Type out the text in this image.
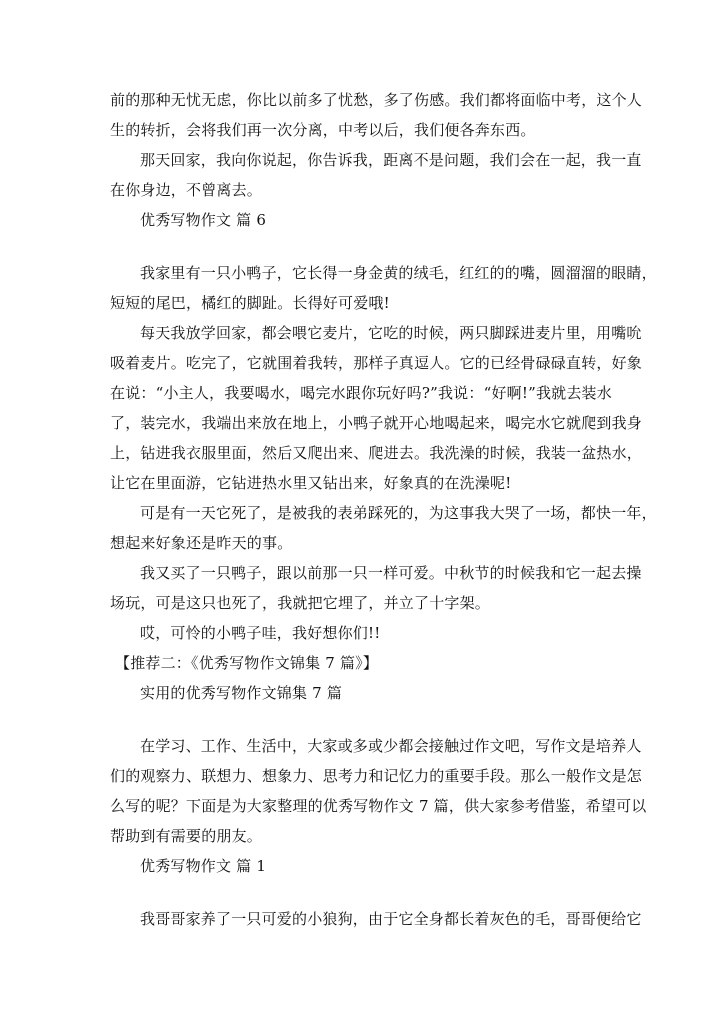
前的那种无忧无虑，你比以前多了忧愁，多了伤感。我们都将面临中考，这个人
生的转折，会将我们再一次分离，中考以后，我们便各奔东西。
那天回家，我向你说起，你告诉我，距离不是问题，我们会在一起，我一直
在你身边，不曾离去。
优秀写物作文 篇 6
我家里有一只小鸭子，它长得一身金黄的绒毛，红红的的嘴，圆溜溜的眼睛，
短短的尾巴，橘红的脚趾。长得好可爱哦!
每天我放学回家，都会喂它麦片，它吃的时候，两只脚踩进麦片里，用嘴吮
吸着麦片。吃完了，它就围着我转，那样子真逗人。它的已经骨碌碌直转，好象
在说：“小主人，我要喝水，喝完水跟你玩好吗?”我说：“好啊!”我就去装水
了，装完水，我端出来放在地上，小鸭子就开心地喝起来，喝完水它就爬到我身
上，钻进我衣服里面，然后又爬出来、爬进去。我洗澡的时候，我装一盆热水，
让它在里面游，它钻进热水里又钻出来，好象真的在洗澡呢!
可是有一天它死了，是被我的表弟踩死的，为这事我大哭了一场，都快一年，
想起来好象还是昨天的事。
我又买了一只鸭子，跟以前那一只一样可爱。中秋节的时候我和它一起去操
场玩，可是这只也死了，我就把它埋了，并立了十字架。
哎，可怜的小鸭子哇，我好想你们!!
【推荐二：《优秀写物作文锦集 7 篇》】
实用的优秀写物作文锦集 7 篇
在学习、工作、生活中，大家或多或少都会接触过作文吧，写作文是培养人
们的观察力、联想力、想象力、思考力和记忆力的重要手段。那么一般作文是怎
么写的呢？下面是为大家整理的优秀写物作文 7 篇，供大家参考借鉴，希望可以
帮助到有需要的朋友。
优秀写物作文 篇 1
我哥哥家养了一只可爱的小狼狗，由于它全身都长着灰色的毛，哥哥便给它
